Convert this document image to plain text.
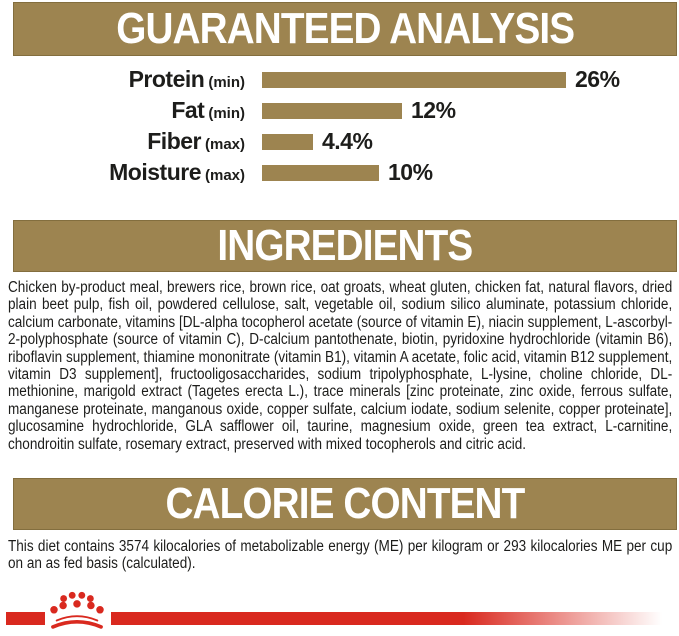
GUARANTEED ANALYSIS
Protein (min)	26%
Fat (min)	12%
Fiber (max)	4.4%
Moisture (max)	10%
INGREDIENTS

Chicken by-product meal, brewers rice, brown rice, oat groats, wheat gluten, chicken fat, natural flavors, dried plain beet pulp, fish oil, powdered cellulose, salt, vegetable oil, sodium silico aluminate, potassium chloride, calcium carbonate, vitamins [DL-alpha tocopherol acetate (source of vitamin E), niacin supplement, L-ascorbyl-2-polyphosphate (source of vitamin C), D-calcium pantothenate, biotin, pyridoxine hydrochloride (vitamin B6), riboflavin supplement, thiamine mononitrate (vitamin B1), vitamin A acetate, folic acid, vitamin B12 supplement, vitamin D3 supplement], fructooligosaccharides, sodium tripolyphosphate, L-lysine, choline chloride, DL-methionine, marigold extract (Tagetes erecta L.), trace minerals [zinc proteinate, zinc oxide, ferrous sulfate, manganese proteinate, manganous oxide, copper sulfate, calcium iodate, sodium selenite, copper proteinate], glucosamine hydrochloride, GLA safflower oil, taurine, magnesium oxide, green tea extract, L-carnitine, chondroitin sulfate, rosemary extract, preserved with mixed tocopherols and citric acid.

CALORIE CONTENT

This diet contains 3574 kilocalories of metabolizable energy (ME) per kilogram or 293 kilocalories ME per cup on an as fed basis (calculated).
